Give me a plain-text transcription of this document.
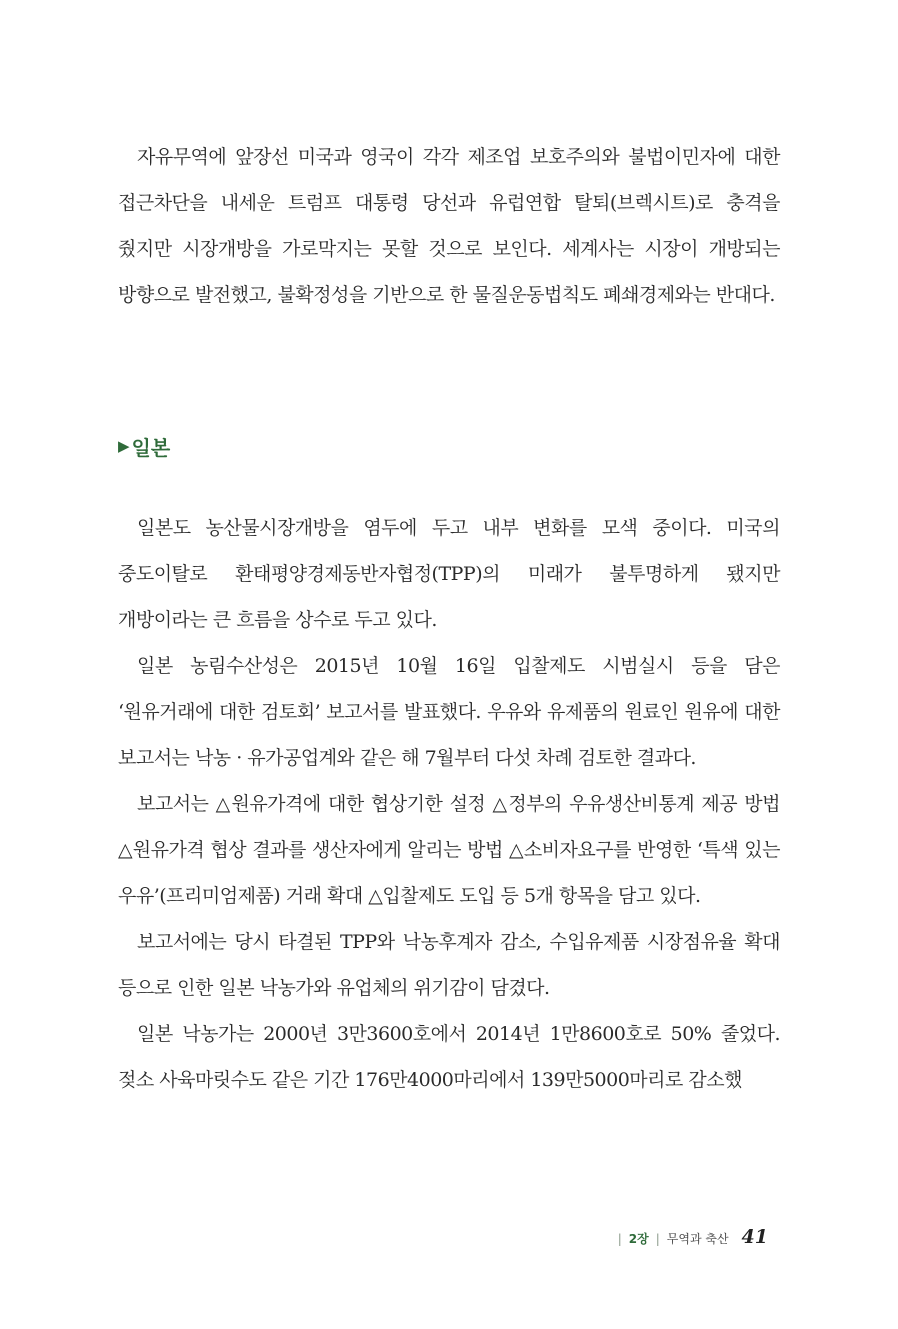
자유무역에 앞장선 미국과 영국이 각각 제조업 보호주의와 불법이민자에 대한 접근차단을 내세운 트럼프 대통령 당선과 유럽연합 탈퇴(브렉시트)로 충격을 줬지만 시장개방을 가로막지는 못할 것으로 보인다. 세계사는 시장이 개방되는 방향으로 발전했고, 불확정성을 기반으로 한 물질운동법칙도 폐쇄경제와는 반대다.

▶ 일본

일본도 농산물시장개방을 염두에 두고 내부 변화를 모색 중이다. 미국의 중도이탈로 환태평양경제동반자협정(TPP)의 미래가 불투명하게 됐지만 개방이라는 큰 흐름을 상수로 두고 있다.

일본 농림수산성은 2015년 10월 16일 입찰제도 시범실시 등을 담은 ‘원유거래에 대한 검토회’ 보고서를 발표했다. 우유와 유제품의 원료인 원유에 대한 보고서는 낙농 · 유가공업계와 같은 해 7월부터 다섯 차례 검토한 결과다.

보고서는 △원유가격에 대한 협상기한 설정 △정부의 우유생산비통계 제공 방법 △원유가격 협상 결과를 생산자에게 알리는 방법 △소비자요구를 반영한 ‘특색 있는 우유’(프리미엄제품) 거래 확대 △입찰제도 도입 등 5개 항목을 담고 있다.

보고서에는 당시 타결된 TPP와 낙농후계자 감소, 수입유제품 시장점유율 확대 등으로 인한 일본 낙농가와 유업체의 위기감이 담겼다.

일본 낙농가는 2000년 3만3600호에서 2014년 1만8600호로 50% 줄었다. 젖소 사육마릿수도 같은 기간 176만4000마리에서 139만5000마리로 감소했

| 2장 | 무역과 축산 41
